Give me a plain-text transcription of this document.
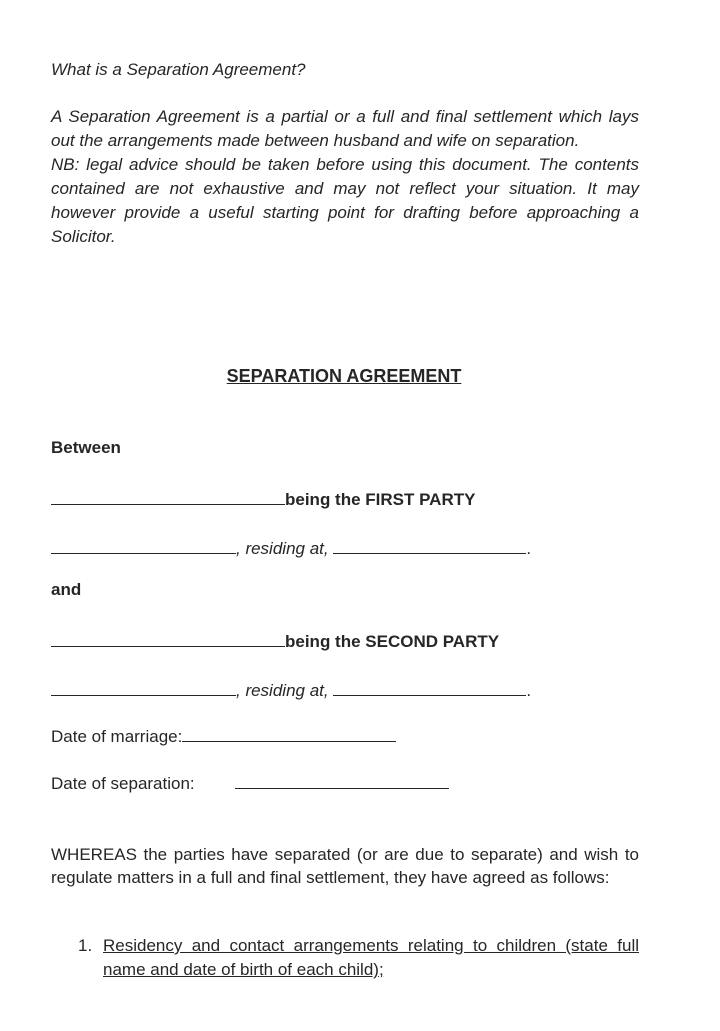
What is a Separation Agreement?

A Separation Agreement is a partial or a full and final settlement which lays out the arrangements made between husband and wife on separation.

NB: legal advice should be taken before using this document. The contents contained are not exhaustive and may not reflect your situation. It may however provide a useful starting point for drafting before approaching a Solicitor.

SEPARATION AGREEMENT
Between
being the FIRST PARTY
, residing at,	.
and
being the SECOND PARTY
, residing at,	.
Date of marriage:
Date of separation:
WHEREAS the parties have separated (or are due to separate) and wish to regulate matters in a full and final settlement, they have agreed as follows:
1. Residency and contact arrangements relating to children (state full name and date of birth of each child);
